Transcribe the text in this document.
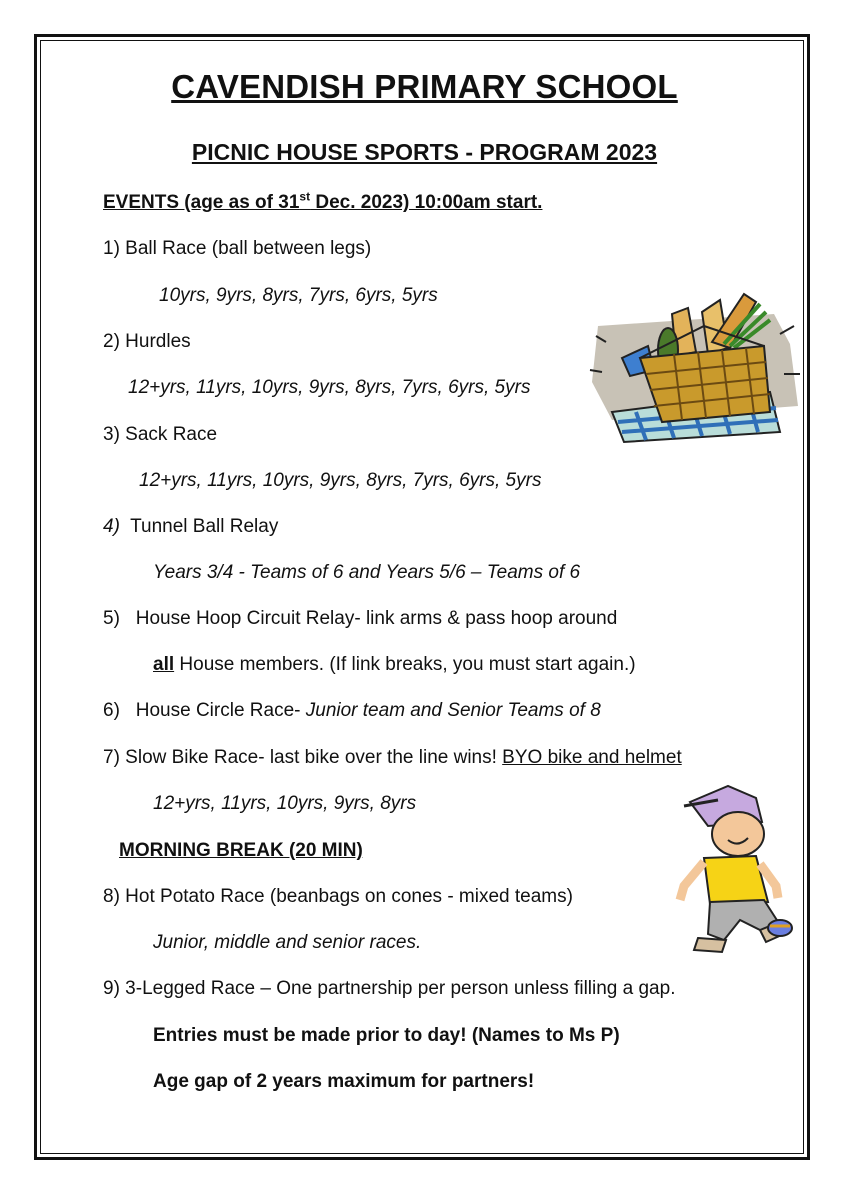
CAVENDISH PRIMARY SCHOOL
PICNIC HOUSE SPORTS - PROGRAM 2023
EVENTS (age as of 31st Dec. 2023) 10:00am start.
1) Ball Race (ball between legs)
10yrs, 9yrs, 8yrs, 7yrs, 6yrs, 5yrs
2) Hurdles
12+yrs, 11yrs, 10yrs, 9yrs, 8yrs, 7yrs, 6yrs, 5yrs
3) Sack Race
12+yrs, 11yrs, 10yrs, 9yrs, 8yrs, 7yrs, 6yrs, 5yrs
4) Tunnel Ball Relay
Years 3/4 - Teams of 6 and Years 5/6 – Teams of 6
5) House Hoop Circuit Relay- link arms & pass hoop around
all House members. (If link breaks, you must start again.)
6) House Circle Race- Junior team and Senior Teams of 8
7) Slow Bike Race- last bike over the line wins! BYO bike and helmet
12+yrs, 11yrs, 10yrs, 9yrs, 8yrs
MORNING BREAK (20 MIN)
8) Hot Potato Race (beanbags on cones - mixed teams)
Junior, middle and senior races.
9) 3-Legged Race – One partnership per person unless filling a gap.
Entries must be made prior to day! (Names to Ms P)
Age gap of 2 years maximum for partners!
